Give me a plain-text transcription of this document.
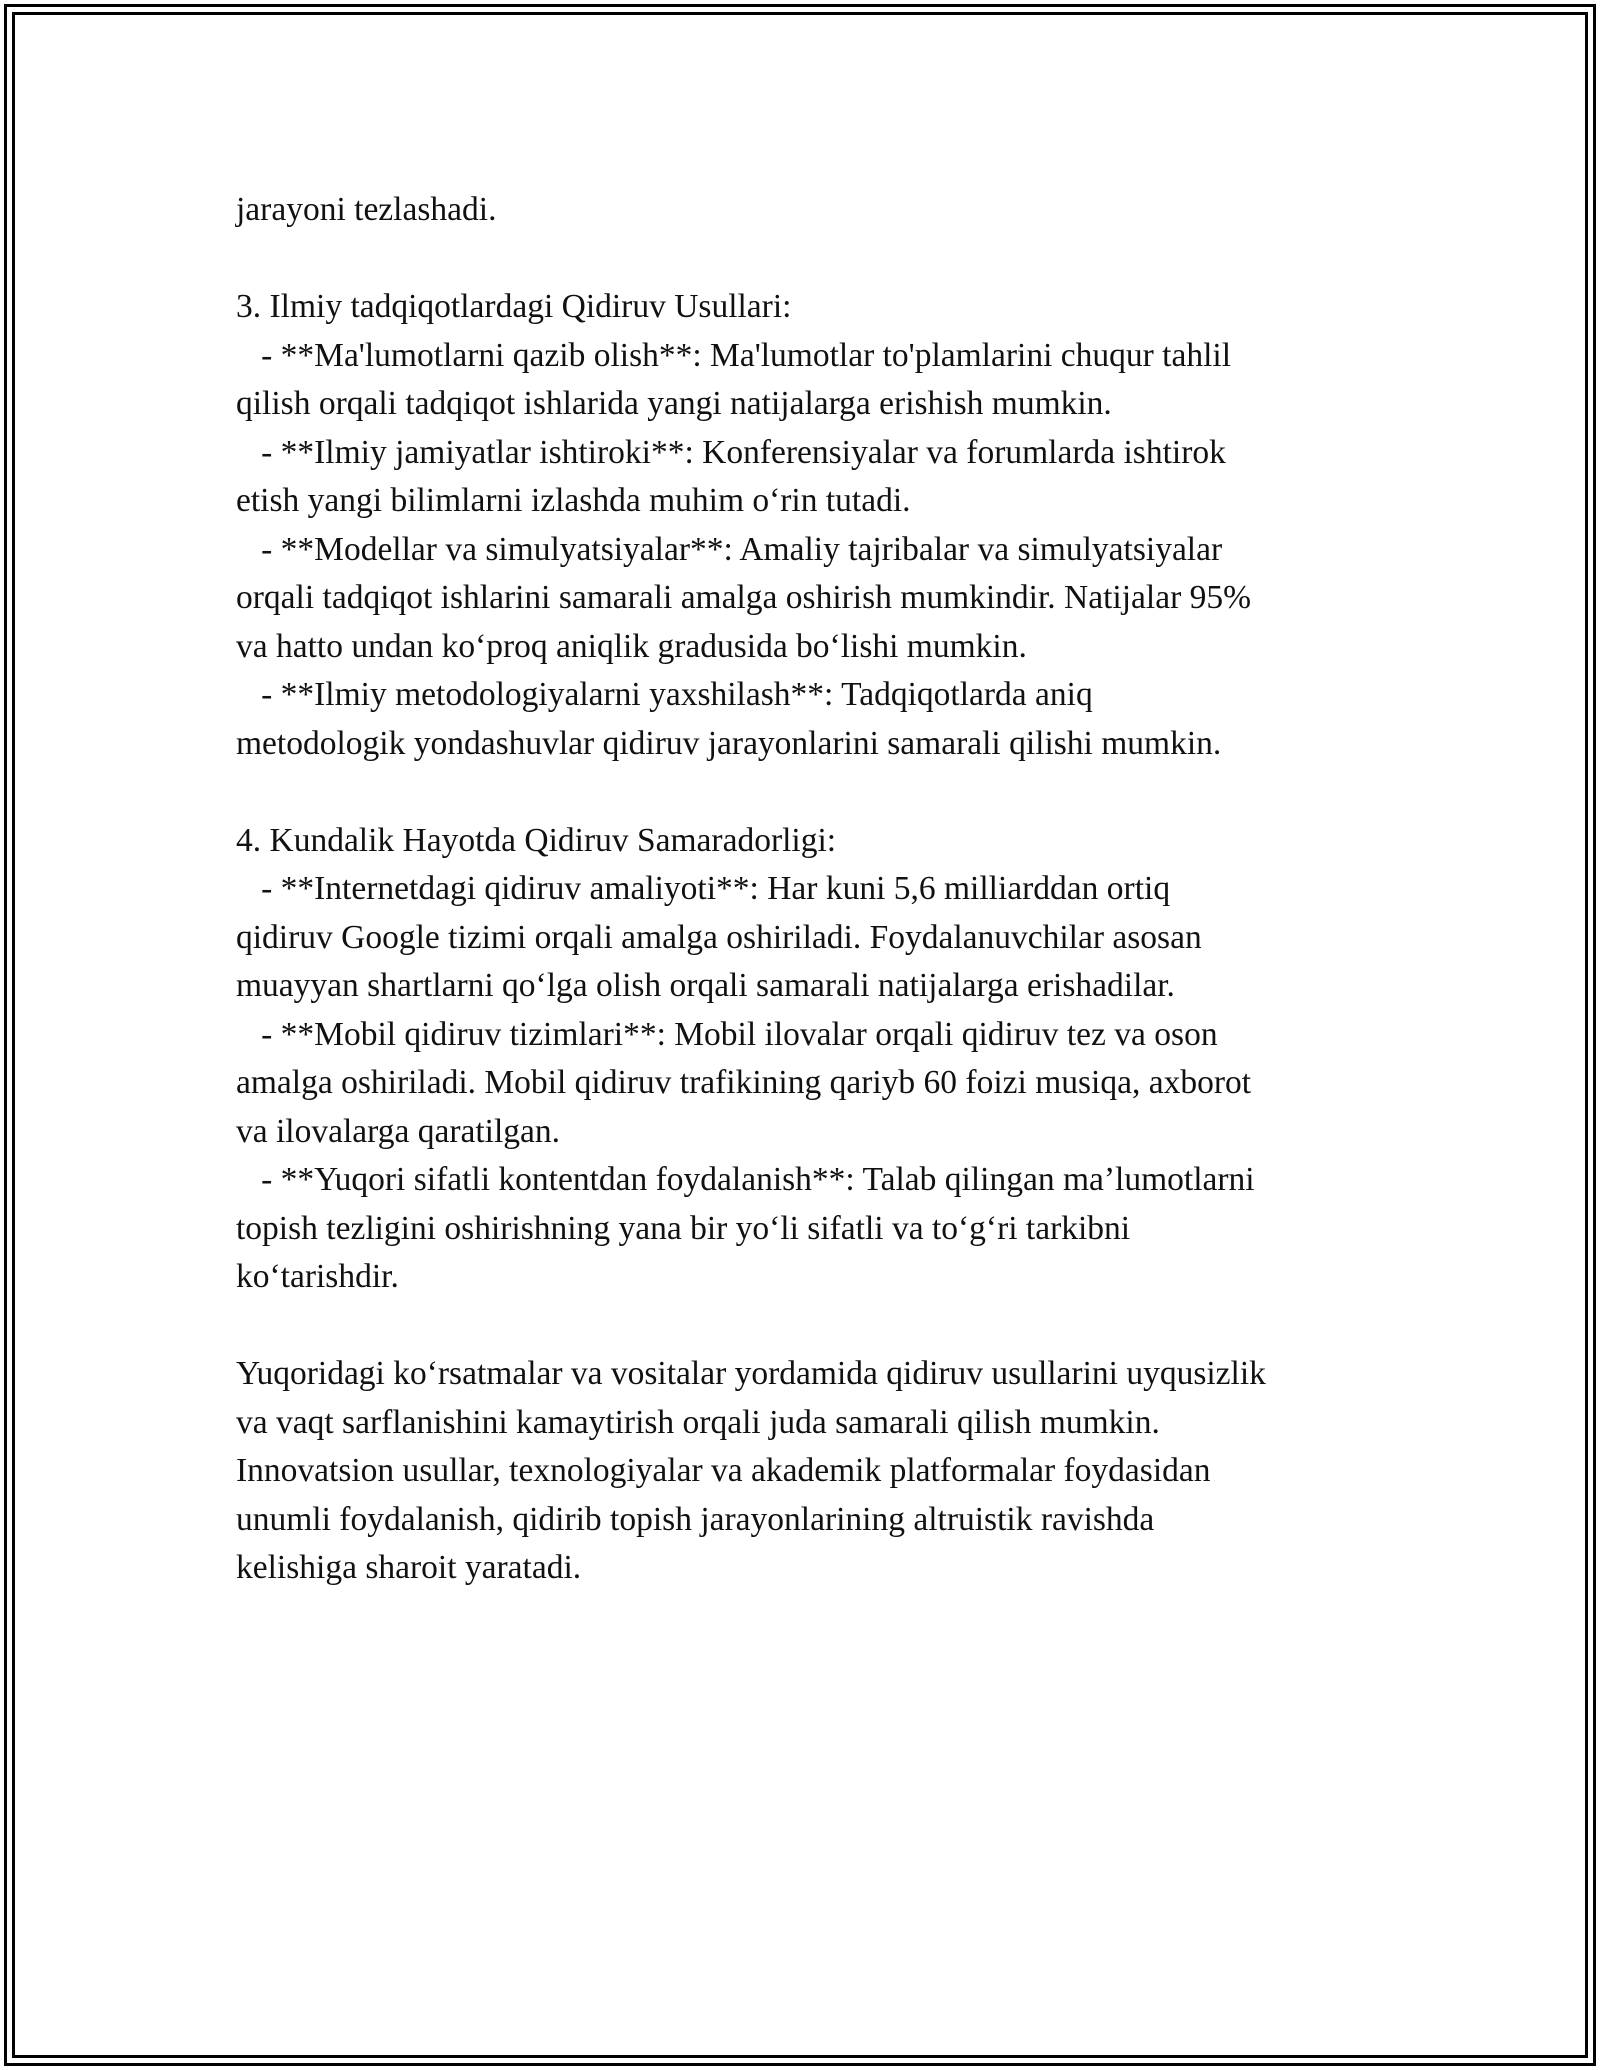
jarayoni tezlashadi.
3. Ilmiy tadqiqotlardagi Qidiruv Usullari:
- **Ma'lumotlarni qazib olish**: Ma'lumotlar to'plamlarini chuqur tahlil
qilish orqali tadqiqot ishlarida yangi natijalarga erishish mumkin.
- **Ilmiy jamiyatlar ishtiroki**: Konferensiyalar va forumlarda ishtirok
etish yangi bilimlarni izlashda muhim o‘rin tutadi.
- **Modellar va simulyatsiyalar**: Amaliy tajribalar va simulyatsiyalar
orqali tadqiqot ishlarini samarali amalga oshirish mumkindir. Natijalar 95%
va hatto undan ko‘proq aniqlik gradusida bo‘lishi mumkin.
- **Ilmiy metodologiyalarni yaxshilash**: Tadqiqotlarda aniq
metodologik yondashuvlar qidiruv jarayonlarini samarali qilishi mumkin.
4. Kundalik Hayotda Qidiruv Samaradorligi:
- **Internetdagi qidiruv amaliyoti**: Har kuni 5,6 milliarddan ortiq
qidiruv Google tizimi orqali amalga oshiriladi. Foydalanuvchilar asosan
muayyan shartlarni qo‘lga olish orqali samarali natijalarga erishadilar.
- **Mobil qidiruv tizimlari**: Mobil ilovalar orqali qidiruv tez va oson
amalga oshiriladi. Mobil qidiruv trafikining qariyb 60 foizi musiqa, axborot
va ilovalarga qaratilgan.
- **Yuqori sifatli kontentdan foydalanish**: Talab qilingan ma’lumotlarni
topish tezligini oshirishning yana bir yo‘li sifatli va to‘g‘ri tarkibni
ko‘tarishdir.
Yuqoridagi ko‘rsatmalar va vositalar yordamida qidiruv usullarini uyqusizlik
va vaqt sarflanishini kamaytirish orqali juda samarali qilish mumkin.
Innovatsion usullar, texnologiyalar va akademik platformalar foydasidan
unumli foydalanish, qidirib topish jarayonlarining altruistik ravishda
kelishiga sharoit yaratadi.
